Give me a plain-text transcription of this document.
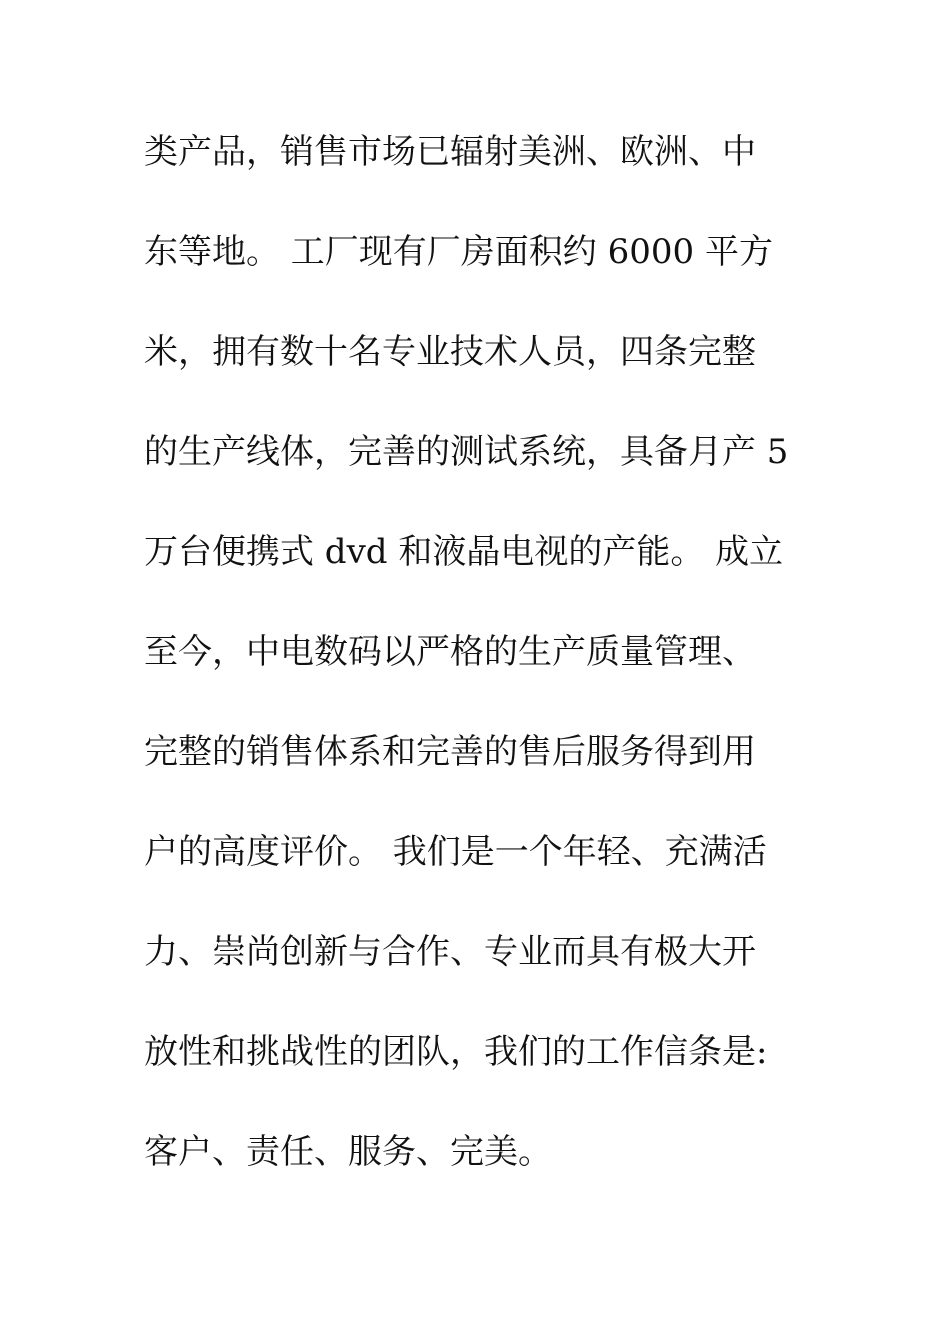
类产品，销售市场已辐射美洲、欧洲、中
东等地。 工厂现有厂房面积约 6000 平方
米，拥有数十名专业技术人员，四条完整
的生产线体，完善的测试系统，具备月产 5
万台便携式 dvd 和液晶电视的产能。 成立
至今，中电数码以严格的生产质量管理、
完整的销售体系和完善的售后服务得到用
户的高度评价。 我们是一个年轻、充满活
力、崇尚创新与合作、专业而具有极大开
放性和挑战性的团队，我们的工作信条是:
客户、责任、服务、完美。
